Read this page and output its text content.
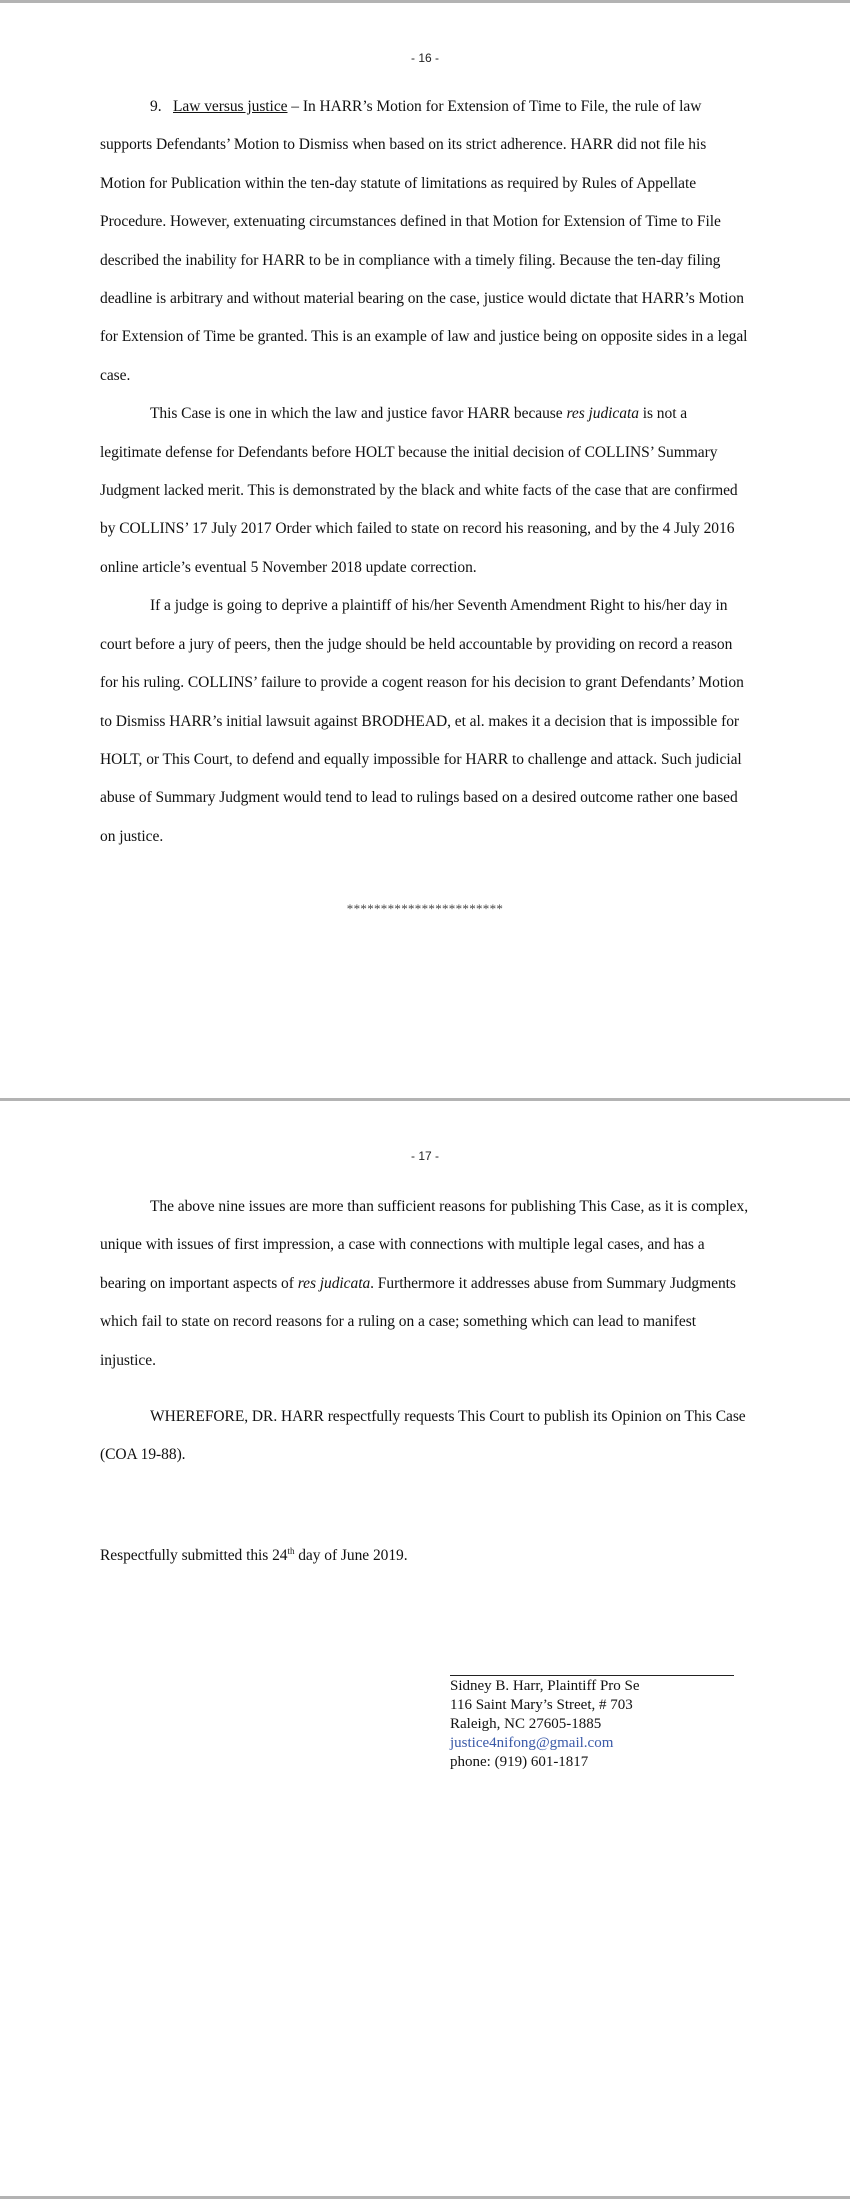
- 16 -

9. Law versus justice – In HARR’s Motion for Extension of Time to File, the rule of law supports Defendants’ Motion to Dismiss when based on its strict adherence. HARR did not file his Motion for Publication within the ten-day statute of limitations as required by Rules of Appellate Procedure. However, extenuating circumstances defined in that Motion for Extension of Time to File described the inability for HARR to be in compliance with a timely filing. Because the ten-day filing deadline is arbitrary and without material bearing on the case, justice would dictate that HARR’s Motion for Extension of Time be granted. This is an example of law and justice being on opposite sides in a legal case.

This Case is one in which the law and justice favor HARR because res judicata is not a legitimate defense for Defendants before HOLT because the initial decision of COLLINS’ Summary Judgment lacked merit. This is demonstrated by the black and white facts of the case that are confirmed by COLLINS’ 17 July 2017 Order which failed to state on record his reasoning, and by the 4 July 2016 online article’s eventual 5 November 2018 update correction.

If a judge is going to deprive a plaintiff of his/her Seventh Amendment Right to his/her day in court before a jury of peers, then the judge should be held accountable by providing on record a reason for his ruling. COLLINS’ failure to provide a cogent reason for his decision to grant Defendants’ Motion to Dismiss HARR’s initial lawsuit against BRODHEAD, et al. makes it a decision that is impossible for HOLT, or This Court, to defend and equally impossible for HARR to challenge and attack. Such judicial abuse of Summary Judgment would tend to lead to rulings based on a desired outcome rather one based on justice.

***********************
- 17 -

The above nine issues are more than sufficient reasons for publishing This Case, as it is complex, unique with issues of first impression, a case with connections with multiple legal cases, and has a bearing on important aspects of res judicata. Furthermore it addresses abuse from Summary Judgments which fail to state on record reasons for a ruling on a case; something which can lead to manifest injustice.

WHEREFORE, DR. HARR respectfully requests This Court to publish its Opinion on This Case (COA 19-88).

Respectfully submitted this 24th day of June 2019.

Sidney B. Harr, Plaintiff Pro Se
116 Saint Mary’s Street, # 703
Raleigh, NC 27605-1885
justice4nifong@gmail.com
phone: (919) 601-1817
